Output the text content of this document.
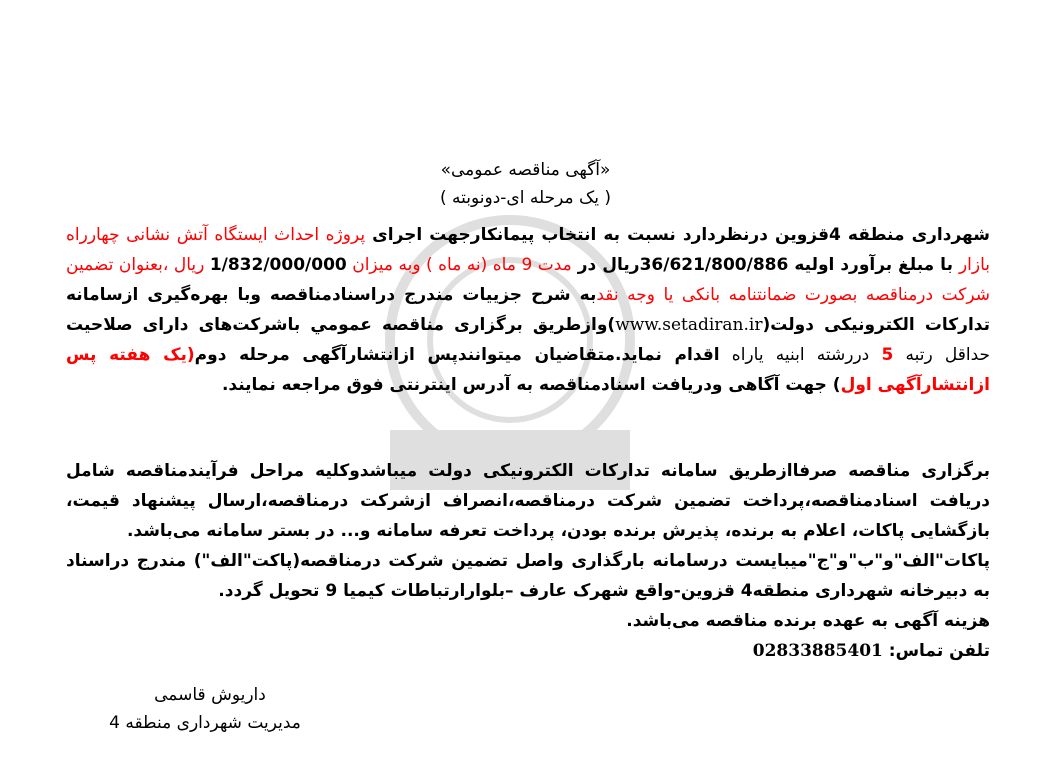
«آگهی مناقصه عمومی»
( یک مرحله ای-دونوبته )
شهرداری منطقه 4قزوین درنظردارد نسبت به انتخاب پیمانکارجهت اجرای پروژه احداث ایستگاه آتش نشانی چهارراه بازار با مبلغ برآورد اولیه 36/621/800/886ریال در مدت 9 ماه (نه ماه ) وبه میزان 1/832/000/000 ریال ،بعنوان تضمین شرکت درمناقصه بصورت ضمانتنامه بانکی یا وجه نقدبه شرح جزییات مندرج دراسنادمناقصه وبا بهره‌گیری ازسامانه تدارکات الکترونیکی دولت(www.setadiran.ir)وازطریق برگزاری مناقصه عمومي باشرکت‌های دارای صلاحیت حداقل رتبه 5 دررشته ابنیه یاراه اقدام نماید.متقاضیان میتوانندپس ازانتشارآگهی مرحله دوم(یک هفته پس ازانتشارآگهی اول) جهت آگاهی ودریافت اسنادمناقصه به آدرس اینترنتی فوق مراجعه نمایند.
برگزاری مناقصه صرفاازطریق سامانه تدارکات الکترونیکی دولت میباشدوکلیه مراحل فرآیندمناقصه شامل دریافت اسنادمناقصه،پرداخت تضمین شرکت درمناقصه،انصراف ازشرکت درمناقصه،ارسال پیشنهاد قیمت، بازگشایی پاکات، اعلام به برنده، پذیرش برنده بودن، پرداخت تعرفه سامانه و... در بستر سامانه می‌باشد.
پاکات"الف"و"ب"و"ج"میبایست درسامانه بارگذاری واصل تضمین شرکت درمناقصه(پاکت"الف") مندرج دراسناد به دبیرخانه شهرداری منطقه4 قزوین-واقع شهرک عارف –بلوارارتباطات کیمیا 9 تحویل گردد.
هزینه آگهی به عهده برنده مناقصه می‌باشد.
تلفن تماس: 02833885401
داریوش قاسمی
مدیریت شهرداری منطقه 4
